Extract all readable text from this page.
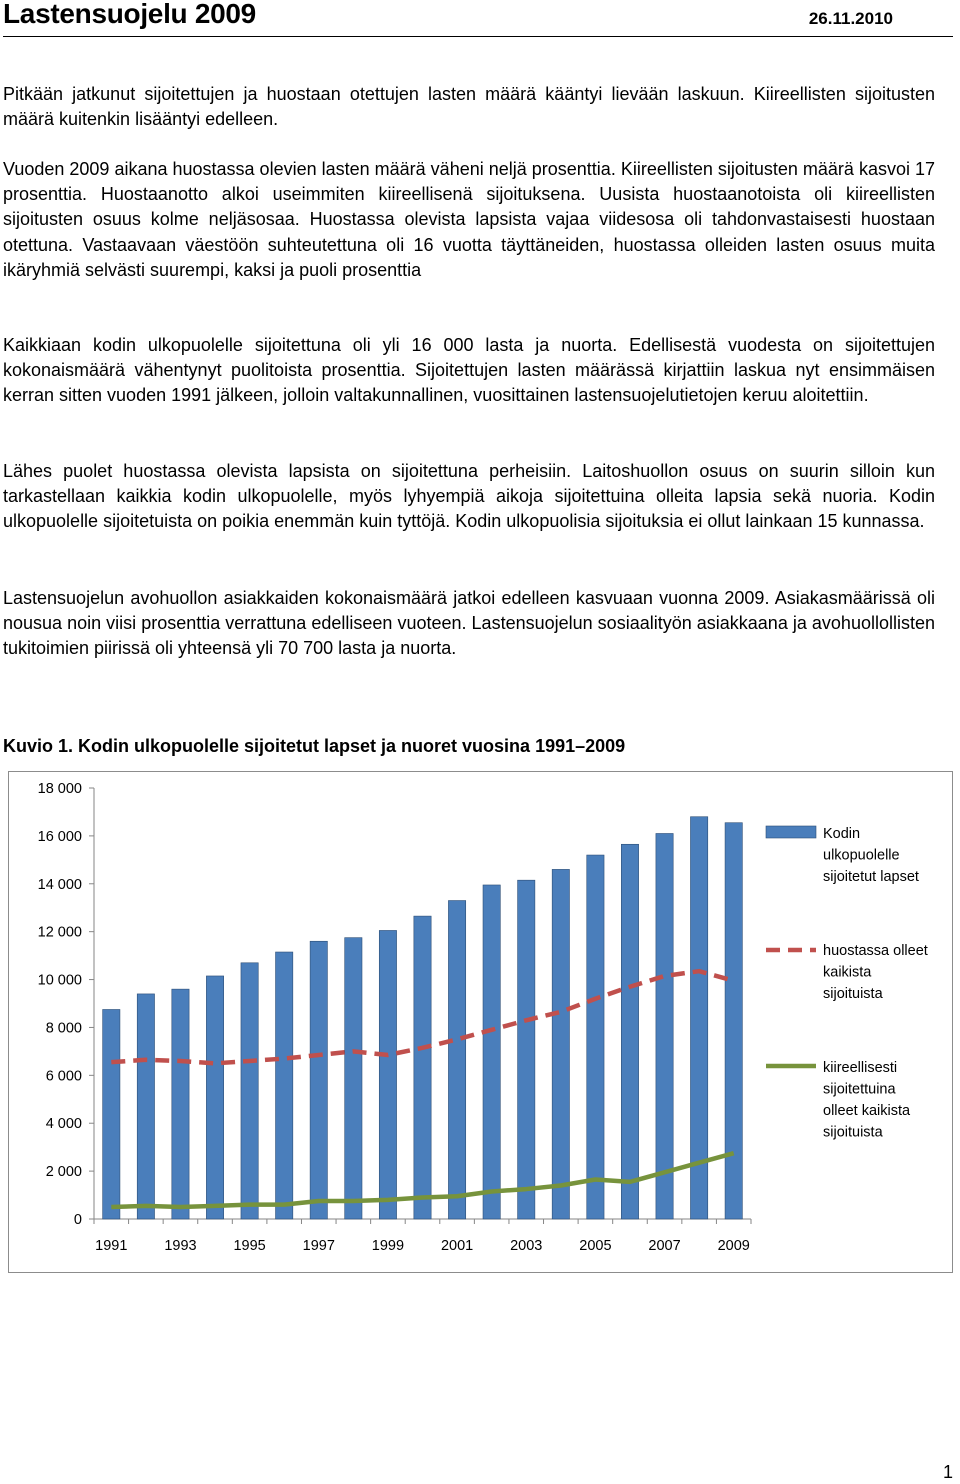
Lastensuojelu 2009	26.11.2010

Pitkään jatkunut sijoitettujen ja huostaan otettujen lasten määrä kääntyi lievään laskuun. Kiireellisten sijoitusten määrä kuitenkin lisääntyi edelleen.

Vuoden 2009 aikana huostassa olevien lasten määrä väheni neljä prosenttia. Kiireellisten sijoitusten määrä kasvoi 17 prosenttia. Huostaanotto alkoi useimmiten kiireellisenä sijoituksena. Uusista huostaanotoista oli kiireellisten sijoitusten osuus kolme neljäsosaa. Huostassa olevista lapsista vajaa viidesosa oli tahdonvastaisesti huostaan otettuna. Vastaavaan väestöön suhteutettuna oli 16 vuotta täyttäneiden, huostassa olleiden lasten osuus muita ikäryhmiä selvästi suurempi, kaksi ja puoli prosenttia

Kaikkiaan kodin ulkopuolelle sijoitettuna oli yli 16 000 lasta ja nuorta. Edellisestä vuodesta on sijoitettujen kokonaismäärä vähentynyt puolitoista prosenttia. Sijoitettujen lasten määrässä kirjattiin laskua nyt ensimmäisen kerran sitten vuoden 1991 jälkeen, jolloin valtakunnallinen, vuosittainen lastensuojelutietojen keruu aloitettiin.

Lähes puolet huostassa olevista lapsista on sijoitettuna perheisiin. Laitoshuollon osuus on suurin silloin kun tarkastellaan kaikkia kodin ulkopuolelle, myös lyhyempiä aikoja sijoitettuina olleita lapsia sekä nuoria. Kodin ulkopuolelle sijoitetuista on poikia enemmän kuin tyttöjä. Kodin ulkopuolisia sijoituksia ei ollut lainkaan 15 kunnassa.

Lastensuojelun avohuollon asiakkaiden kokonaismäärä jatkoi edelleen kasvuaan vuonna 2009. Asiakasmäärissä oli nousua noin viisi prosenttia verrattuna edelliseen vuoteen. Lastensuojelun sosiaalityön asiakkaana ja avohuollollisten tukitoimien piirissä oli yhteensä yli 70 700 lasta ja nuorta.

Kuvio 1. Kodin ulkopuolelle sijoitetut lapset ja nuoret vuosina 1991–2009

0
2 000
4 000
6 000
8 000
10 000
12 000
14 000
16 000
18 000
1991	1993	1995	1997	1999	2001	2003	2005	2007	2009
Kodin
ulkopuolelle
sijoitetut lapset
huostassa olleet
kaikista
sijoituista
kiireellisesti
sijoitettuina
olleet kaikista
sijoituista
1
